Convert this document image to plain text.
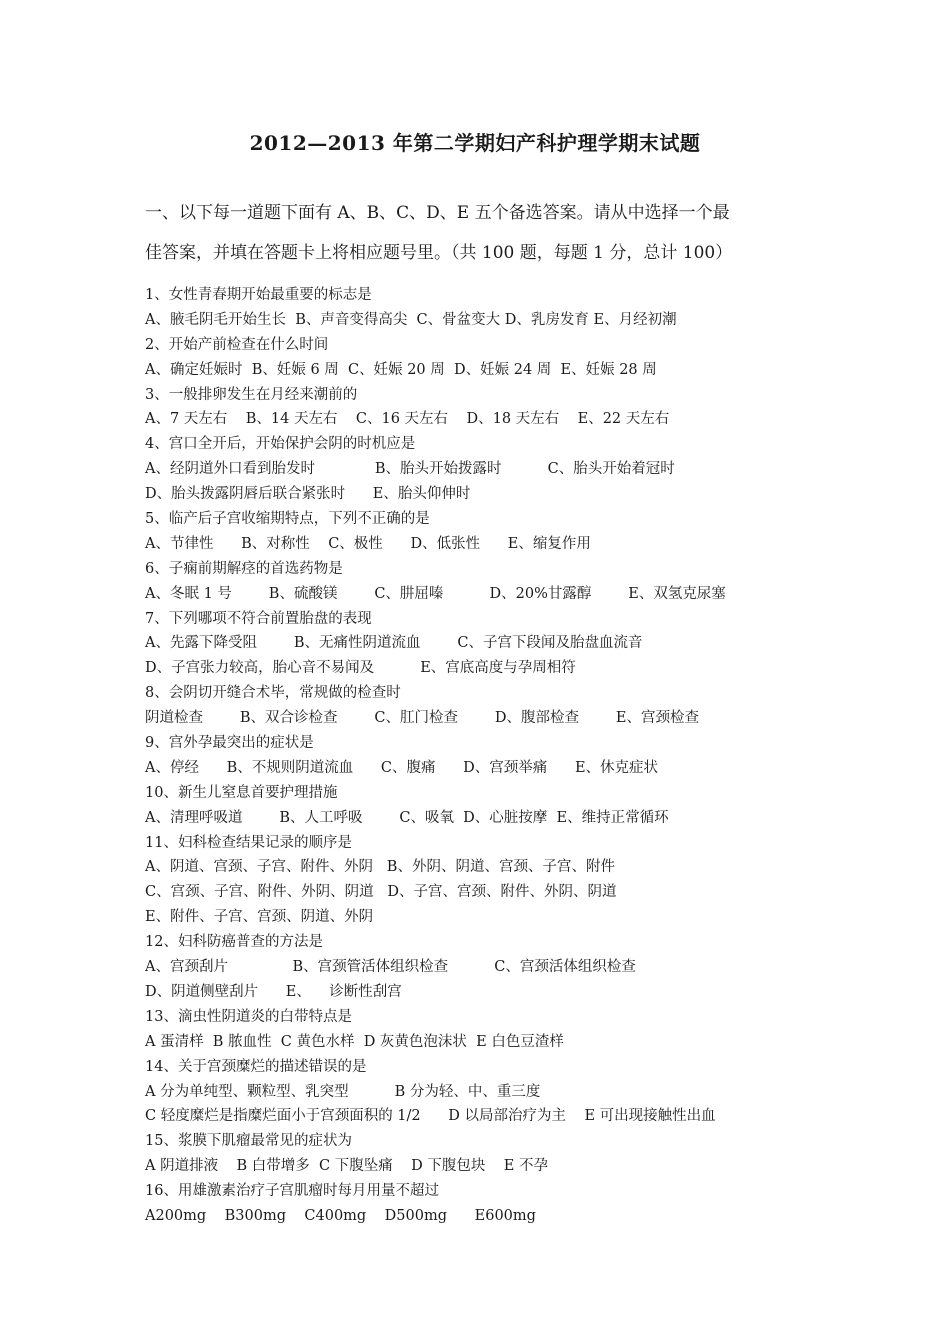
2012—2013 年第二学期妇产科护理学期末试题
一、以下每一道题下面有 A、B、C、D、E 五个备选答案。请从中选择一个最
佳答案，并填在答题卡上将相应题号里。（共 100 题，每题 1 分，总计 100）
1、女性青春期开始最重要的标志是
A、腋毛阴毛开始生长  B、声音变得高尖  C、骨盆变大 D、乳房发育 E、月经初潮
2、开始产前检查在什么时间
A、确定妊娠时  B、妊娠 6 周  C、妊娠 20 周  D、妊娠 24 周  E、妊娠 28 周
3、一般排卵发生在月经来潮前的
A、7 天左右    B、14 天左右    C、16 天左右    D、18 天左右    E、22 天左右
4、宫口全开后，开始保护会阴的时机应是
A、经阴道外口看到胎发时             B、胎头开始拨露时          C、胎头开始着冠时
D、胎头拨露阴唇后联合紧张时      E、胎头仰伸时
5、临产后子宫收缩期特点，下列不正确的是
A、节律性      B、对称性    C、极性      D、低张性      E、缩复作用
6、子痫前期解痉的首选药物是
A、冬眠 1 号        B、硫酸镁        C、肼屈嗪          D、20%甘露醇        E、双氢克尿塞
7、下列哪项不符合前置胎盘的表现
A、先露下降受阻        B、无痛性阴道流血        C、子宫下段闻及胎盘血流音
D、子宫张力较高，胎心音不易闻及          E、宫底高度与孕周相符
8、会阴切开缝合术毕，常规做的检查时
阴道检查        B、双合诊检查        C、肛门检查        D、腹部检查        E、宫颈检查
9、宫外孕最突出的症状是
A、停经      B、不规则阴道流血      C、腹痛      D、宫颈举痛      E、休克症状
10、新生儿窒息首要护理措施
A、清理呼吸道        B、人工呼吸        C、吸氧  D、心脏按摩  E、维持正常循环
11、妇科检查结果记录的顺序是
A、阴道、宫颈、子宫、附件、外阴   B、外阴、阴道、宫颈、子宫、附件
C、宫颈、子宫、附件、外阴、阴道   D、子宫、宫颈、附件、外阴、阴道
E、附件、子宫、宫颈、阴道、外阴
12、妇科防癌普查的方法是
A、宫颈刮片              B、宫颈管活体组织检查          C、宫颈活体组织检查
D、阴道侧壁刮片      E、    诊断性刮宫
13、滴虫性阴道炎的白带特点是
A 蛋清样  B 脓血性  C 黄色水样  D 灰黄色泡沫状  E 白色豆渣样
14、关于宫颈糜烂的描述错误的是
A 分为单纯型、颗粒型、乳突型          B 分为轻、中、重三度
C 轻度糜烂是指糜烂面小于宫颈面积的 1/2      D 以局部治疗为主    E 可出现接触性出血
15、浆膜下肌瘤最常见的症状为
A 阴道排液    B 白带增多  C 下腹坠痛    D 下腹包块    E 不孕
16、用雄激素治疗子宫肌瘤时每月用量不超过
A200mg    B300mg    C400mg    D500mg      E600mg
